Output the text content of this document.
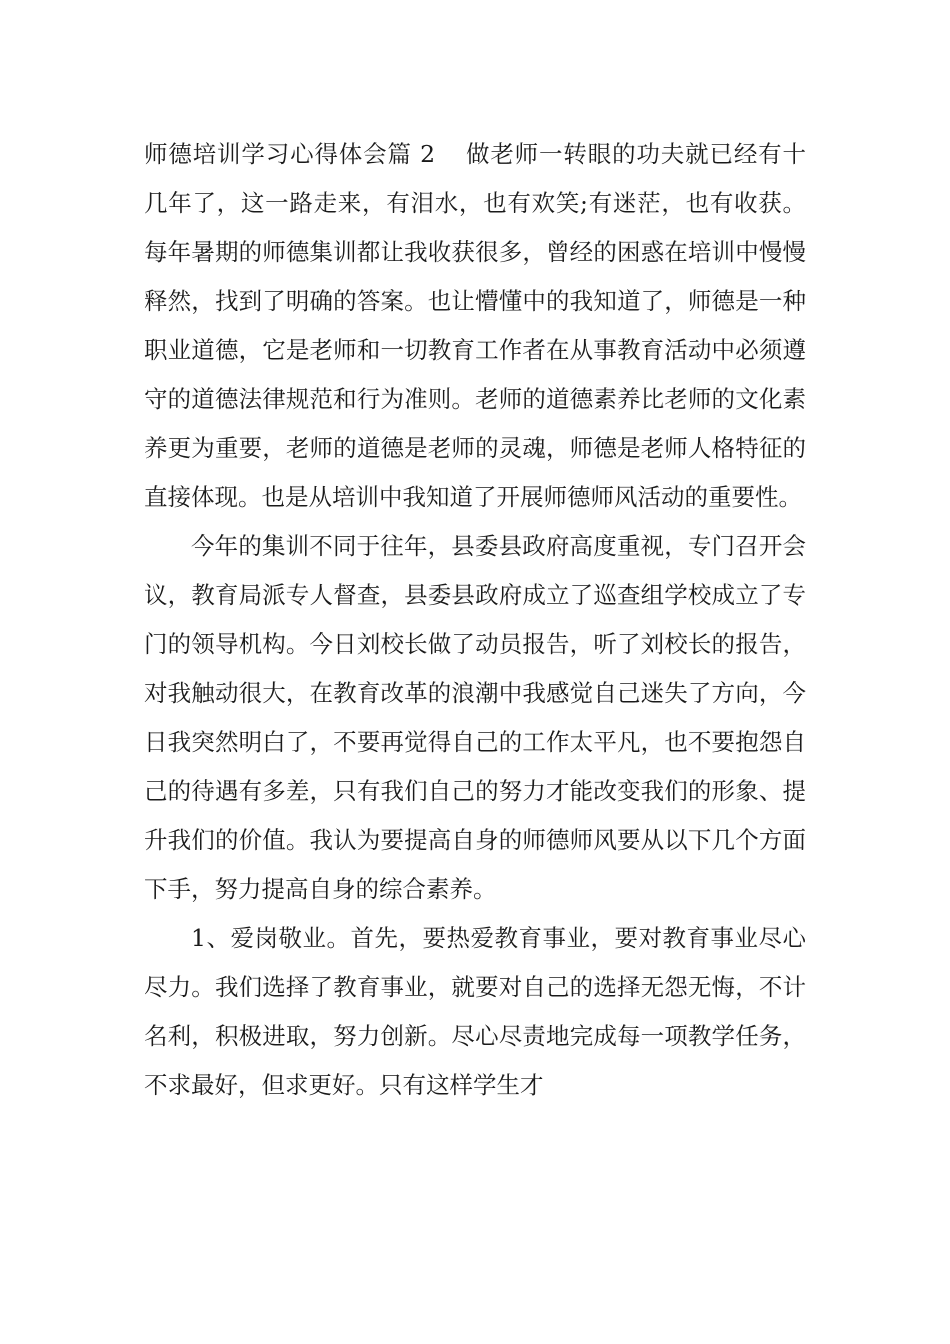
师德培训学习心得体会篇 2 做老师一转眼的功夫就已经有十几年了，这一路走来，有泪水，也有欢笑;有迷茫，也有收获。每年暑期的师德集训都让我收获很多，曾经的困惑在培训中慢慢释然，找到了明确的答案。也让懵懂中的我知道了，师德是一种职业道德，它是老师和一切教育工作者在从事教育活动中必须遵守的道德法律规范和行为准则。老师的道德素养比老师的文化素养更为重要，老师的道德是老师的灵魂，师德是老师人格特征的直接体现。也是从培训中我知道了开展师德师风活动的重要性。

今年的集训不同于往年，县委县政府高度重视，专门召开会议，教育局派专人督查，县委县政府成立了巡查组学校成立了专门的领导机构。今日刘校长做了动员报告，听了刘校长的报告，对我触动很大，在教育改革的浪潮中我感觉自己迷失了方向，今日我突然明白了，不要再觉得自己的工作太平凡，也不要抱怨自己的待遇有多差，只有我们自己的努力才能改变我们的形象、提升我们的价值。我认为要提高自身的师德师风要从以下几个方面下手，努力提高自身的综合素养。

1、爱岗敬业。首先，要热爱教育事业，要对教育事业尽心尽力。我们选择了教育事业，就要对自己的选择无怨无悔，不计名利，积极进取，努力创新。尽心尽责地完成每一项教学任务，不求最好，但求更好。只有这样学生才
